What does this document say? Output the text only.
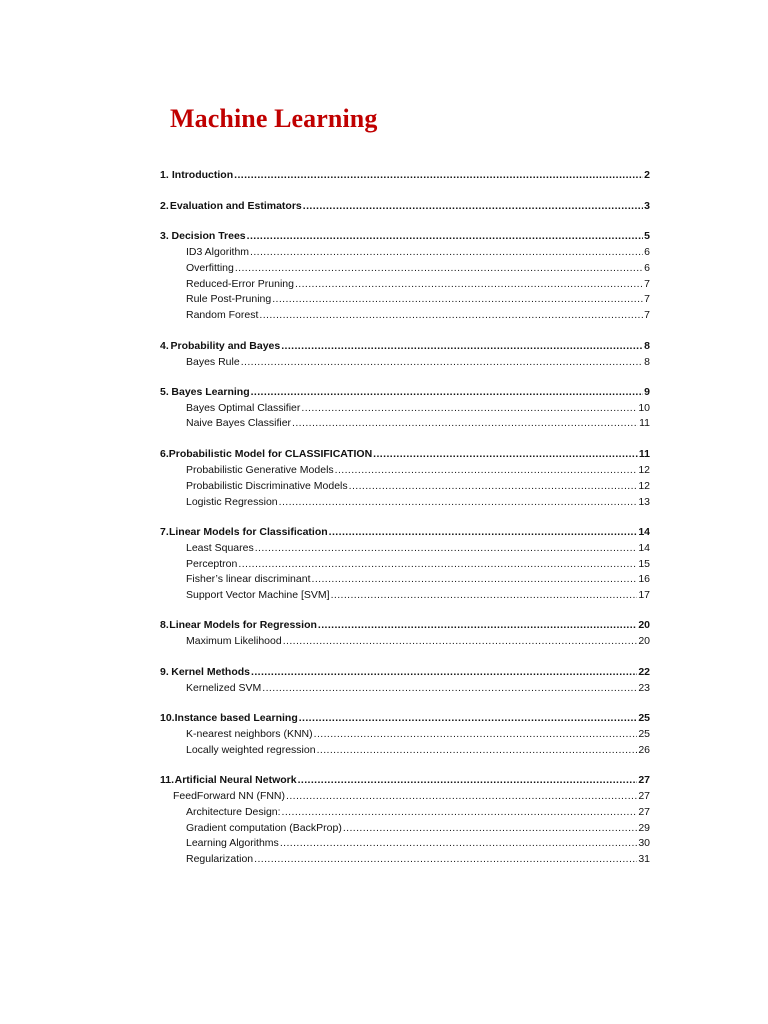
Machine Learning
1. Introduction .....	2
2. Evaluation and Estimators .....	3
3. Decision Trees .....	5
ID3 Algorithm .....	6
Overfitting .....	6
Reduced-Error Pruning .....	7
Rule Post-Pruning .....	7
Random Forest .....	7
4. Probability and Bayes .....	8
Bayes Rule .....	8
5. Bayes Learning .....	9
Bayes Optimal Classifier .....	10
Naive Bayes Classifier .....	11
6. Probabilistic Model for CLASSIFICATION .....	11
Probabilistic Generative Models .....	12
Probabilistic Discriminative Models .....	12
Logistic Regression .....	13
7. Linear Models for Classification .....	14
Least Squares .....	14
Perceptron .....	15
Fisher’s linear discriminant .....	16
Support Vector Machine [SVM] .....	17
8. Linear Models for Regression .....	20
Maximum Likelihood .....	20
9. Kernel Methods .....	22
Kernelized SVM .....	23
10. Instance based Learning .....	25
K-nearest neighbors (KNN) .....	25
Locally weighted regression .....	26
11. Artificial Neural Network .....	27
FeedForward NN (FNN) .....	27
Architecture Design: .....	27
Gradient computation (BackProp) .....	29
Learning Algorithms .....	30
Regularization .....	31
